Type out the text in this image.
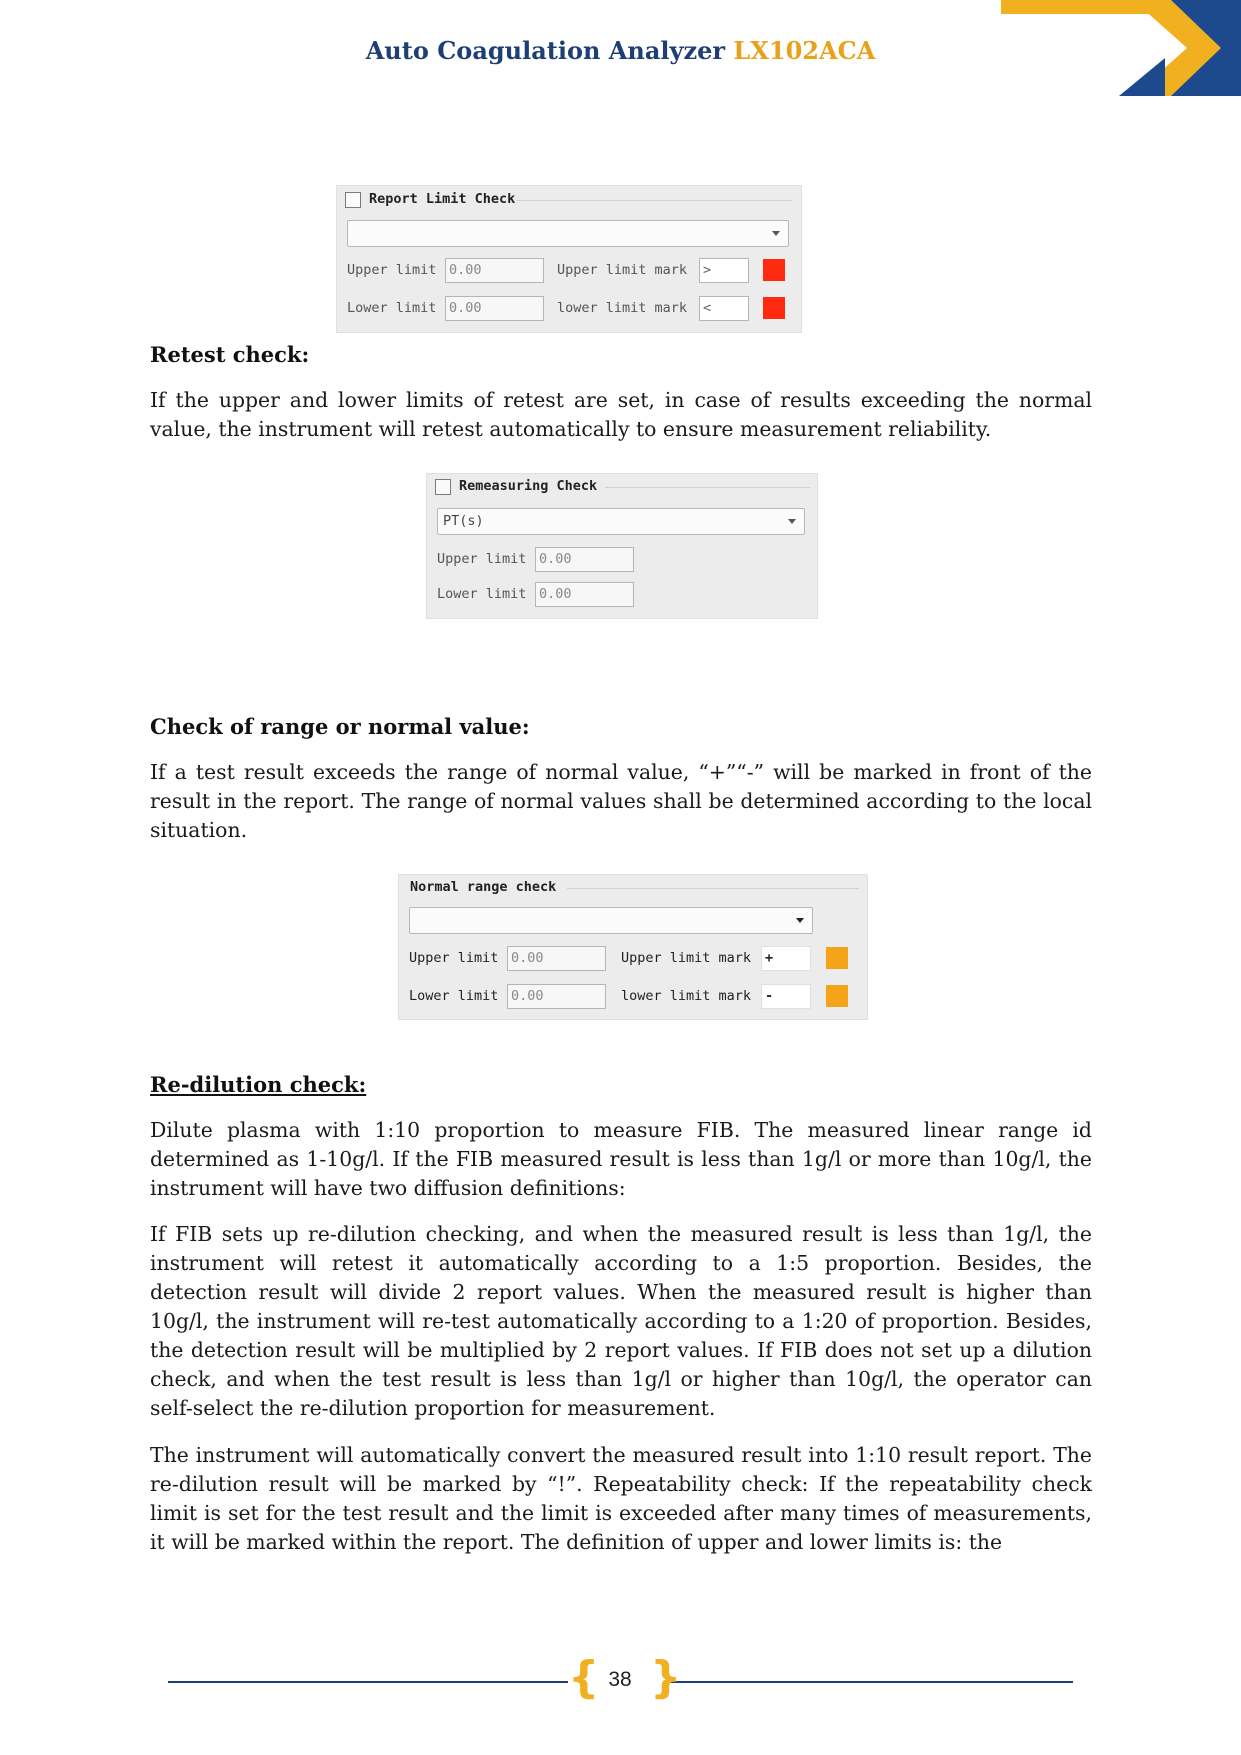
Auto Coagulation Analyzer LX102ACA
Report Limit Check
Upper limit 0.00	Upper limit mark >
Lower limit 0.00	lower limit mark <
Retest check:
If the upper and lower limits of retest are set, in case of results exceeding the normal value, the instrument will retest automatically to ensure measurement reliability.
Remeasuring Check
PT(s)
Upper limit 0.00
Lower limit 0.00
Check of range or normal value:
If a test result exceeds the range of normal value, “+”“-” will be marked in front of the result in the report. The range of normal values shall be determined according to the local situation.
Normal range check
Upper limit 0.00	Upper limit mark +
Lower limit 0.00	lower limit mark -
Re-dilution check:
Dilute plasma with 1:10 proportion to measure FIB. The measured linear range id determined as 1-10g/l. If the FIB measured result is less than 1g/l or more than 10g/l, the instrument will have two diffusion definitions:
If FIB sets up re-dilution checking, and when the measured result is less than 1g/l, the instrument will retest it automatically according to a 1:5 proportion. Besides, the detection result will divide 2 report values. When the measured result is higher than 10g/l, the instrument will re-test automatically according to a 1:20 of proportion. Besides, the detection result will be multiplied by 2 report values. If FIB does not set up a dilution check, and when the test result is less than 1g/l or higher than 10g/l, the operator can self-select the re-dilution proportion for measurement.
The instrument will automatically convert the measured result into 1:10 result report. The re-dilution result will be marked by “!”. Repeatability check: If the repeatability check limit is set for the test result and the limit is exceeded after many times of measurements, it will be marked within the report. The definition of upper and lower limits is: the
{ }
38
